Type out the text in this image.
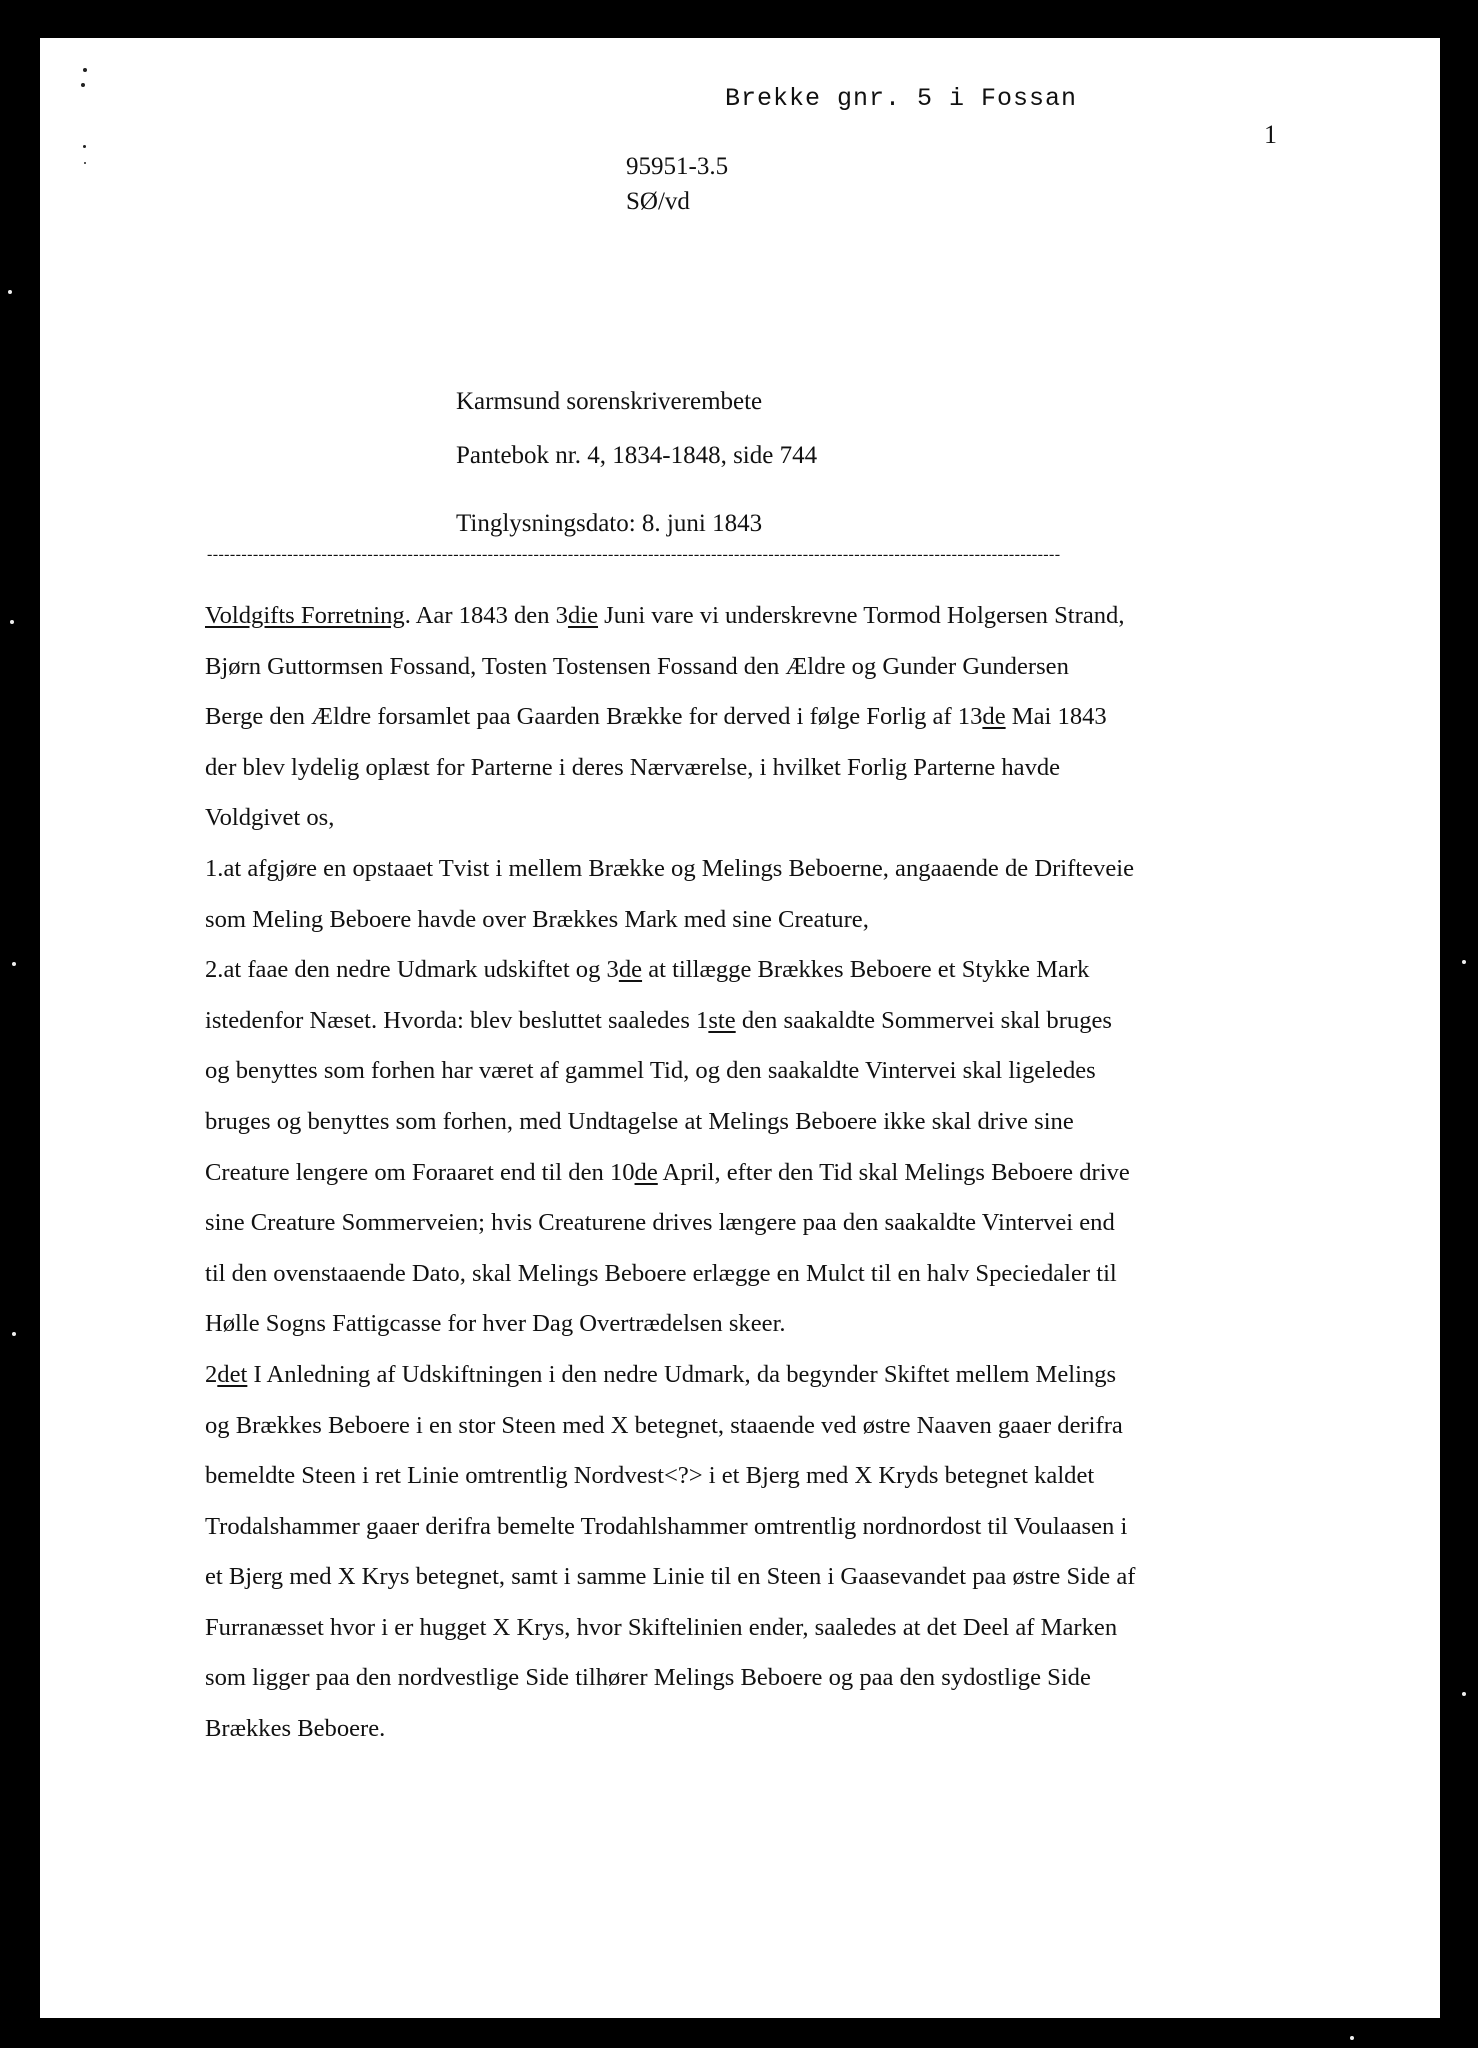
Brekke gnr. 5 i Fossan
1
95951-3.5
SØ/vd
Karmsund sorenskriverembete
Pantebok nr. 4, 1834-1848, side 744
Tinglysningsdato: 8. juni 1843
-----------------------------------------------------------------------------------------------------------------------------------------------------
Voldgifts Forretning. Aar 1843 den 3die Juni vare vi underskrevne Tormod Holgersen Strand,
Bjørn Guttormsen Fossand, Tosten Tostensen Fossand den Ældre og Gunder Gundersen
Berge den Ældre forsamlet paa Gaarden Brække for derved i følge Forlig af 13de Mai 1843
der blev lydelig oplæst for Parterne i deres Nærværelse, i hvilket Forlig Parterne havde
Voldgivet os,
1.at afgjøre en opstaaet Tvist i mellem Brække og Melings Beboerne, angaaende de Drifteveie
som Meling Beboere havde over Brækkes Mark med sine Creature,
2.at faae den nedre Udmark udskiftet og 3de at tillægge Brækkes Beboere et Stykke Mark
istedenfor Næset. Hvorda: blev besluttet saaledes 1ste den saakaldte Sommervei skal bruges
og benyttes som forhen har været af gammel Tid, og den saakaldte Vintervei skal ligeledes
bruges og benyttes som forhen, med Undtagelse at Melings Beboere ikke skal drive sine
Creature lengere om Foraaret end til den 10de April, efter den Tid skal Melings Beboere drive
sine Creature Sommerveien; hvis Creaturene drives længere paa den saakaldte Vintervei end
til den ovenstaaende Dato, skal Melings Beboere erlægge en Mulct til en halv Speciedaler til
Hølle Sogns Fattigcasse for hver Dag Overtrædelsen skeer.
2det I Anledning af Udskiftningen i den nedre Udmark, da begynder Skiftet mellem Melings
og Brækkes Beboere i en stor Steen med X betegnet, staaende ved østre Naaven gaaer derifra
bemeldte Steen i ret Linie omtrentlig Nordvest<?> i et Bjerg med X Kryds betegnet kaldet
Trodalshammer gaaer derifra bemelte Trodahlshammer omtrentlig nordnordost til Voulaasen i
et Bjerg med X Krys betegnet, samt i samme Linie til en Steen i Gaasevandet paa østre Side af
Furranæsset hvor i er hugget X Krys, hvor Skiftelinien ender, saaledes at det Deel af Marken
som ligger paa den nordvestlige Side tilhører Melings Beboere og paa den sydostlige Side
Brækkes Beboere.
